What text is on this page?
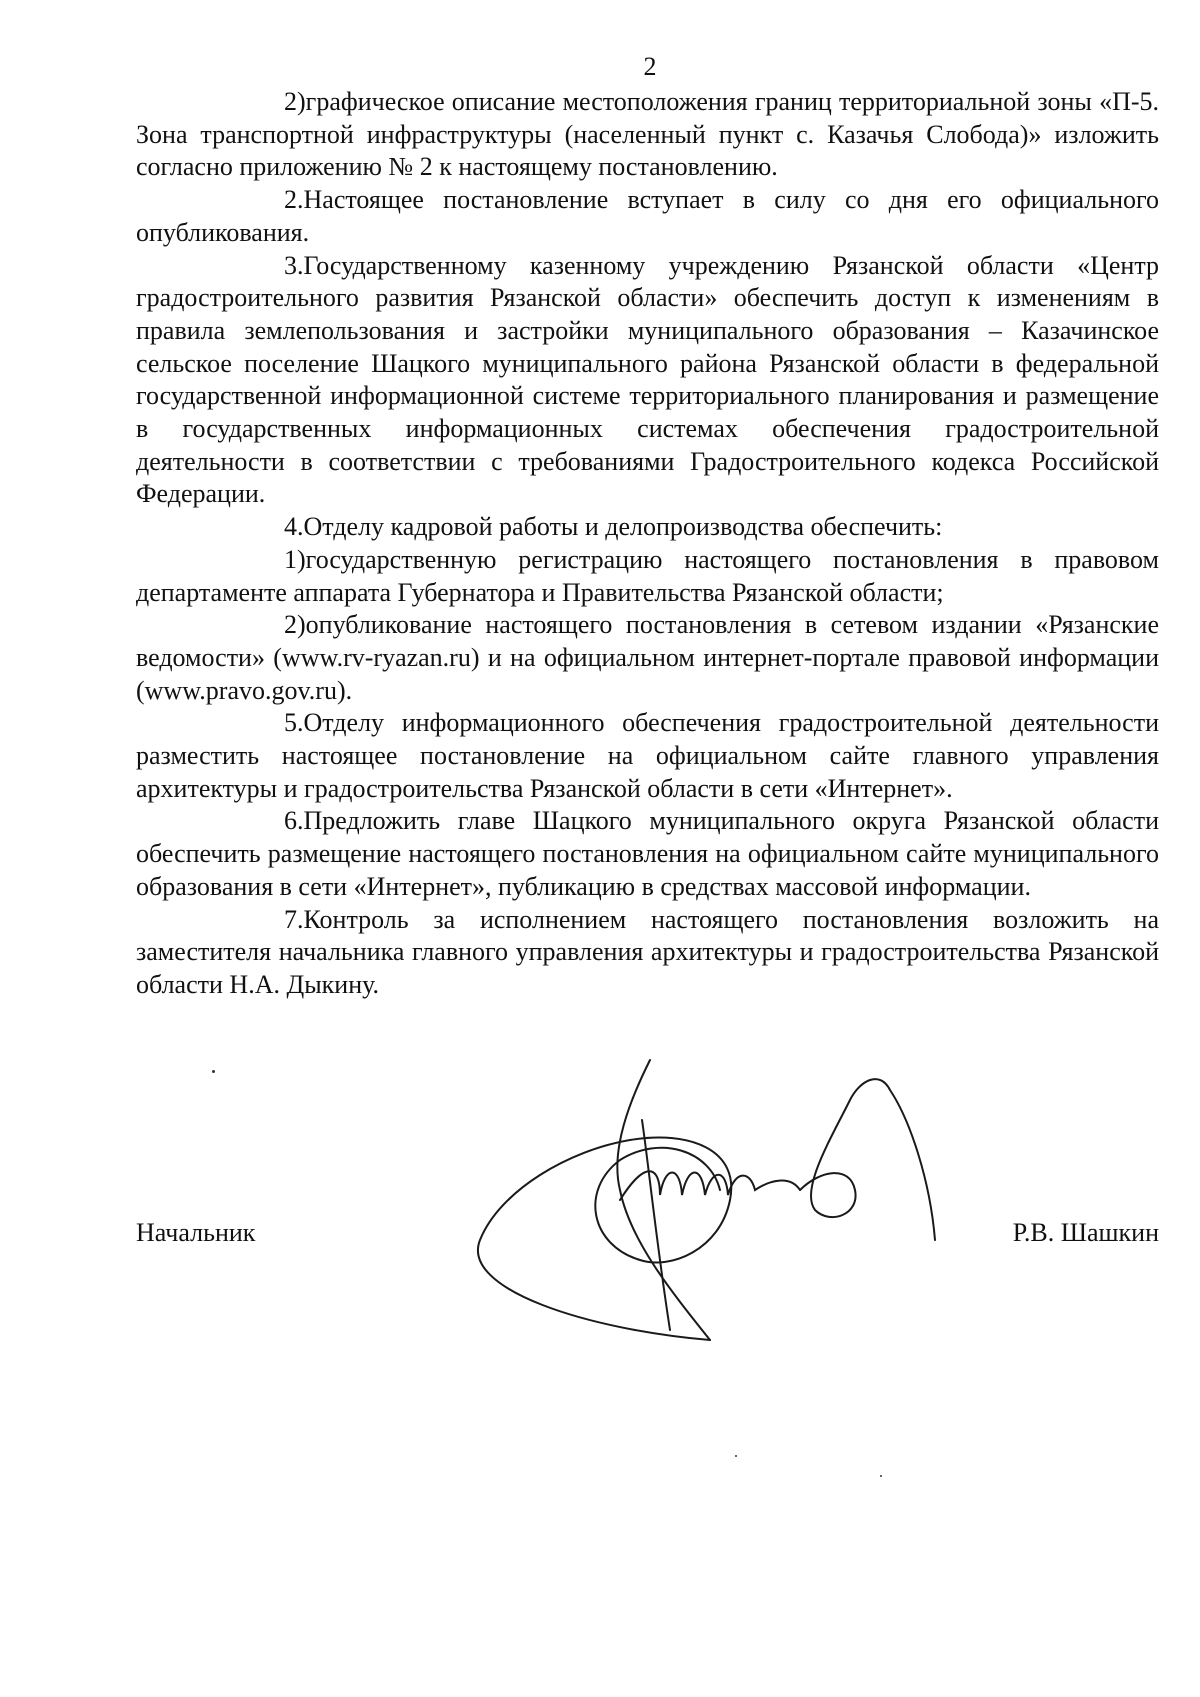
2

2)графическое описание местоположения границ территориальной зоны «П-5. Зона транспортной инфраструктуры (населенный пункт с. Казачья Слобода)» изложить согласно приложению № 2 к настоящему постановлению.

2.Настоящее постановление вступает в силу со дня его официального опубликования.

3.Государственному казенному учреждению Рязанской области «Центр градостроительного развития Рязанской области» обеспечить доступ к изменениям в правила землепользования и застройки муниципального образования – Казачинское сельское поселение Шацкого муниципального района Рязанской области в федеральной государственной информационной системе территориального планирования и размещение в государственных информационных системах обеспечения градостроительной деятельности в соответствии с требованиями Градостроительного кодекса Российской Федерации.

4.Отделу кадровой работы и делопроизводства обеспечить:

1)государственную регистрацию настоящего постановления в правовом департаменте аппарата Губернатора и Правительства Рязанской области;

2)опубликование настоящего постановления в сетевом издании «Рязанские ведомости» (www.rv-ryazan.ru) и на официальном интернет-портале правовой информации (www.pravo.gov.ru).

5.Отделу информационного обеспечения градостроительной деятельности разместить настоящее постановление на официальном сайте главного управления архитектуры и градостроительства Рязанской области в сети «Интернет».

6.Предложить главе Шацкого муниципального округа Рязанской области обеспечить размещение настоящего постановления на официальном сайте муниципального образования в сети «Интернет», публикацию в средствах массовой информации.

7.Контроль за исполнением настоящего постановления возложить на заместителя начальника главного управления архитектуры и градостроительства Рязанской области Н.А. Дыкину.

Начальник	Р.В. Шашкин
